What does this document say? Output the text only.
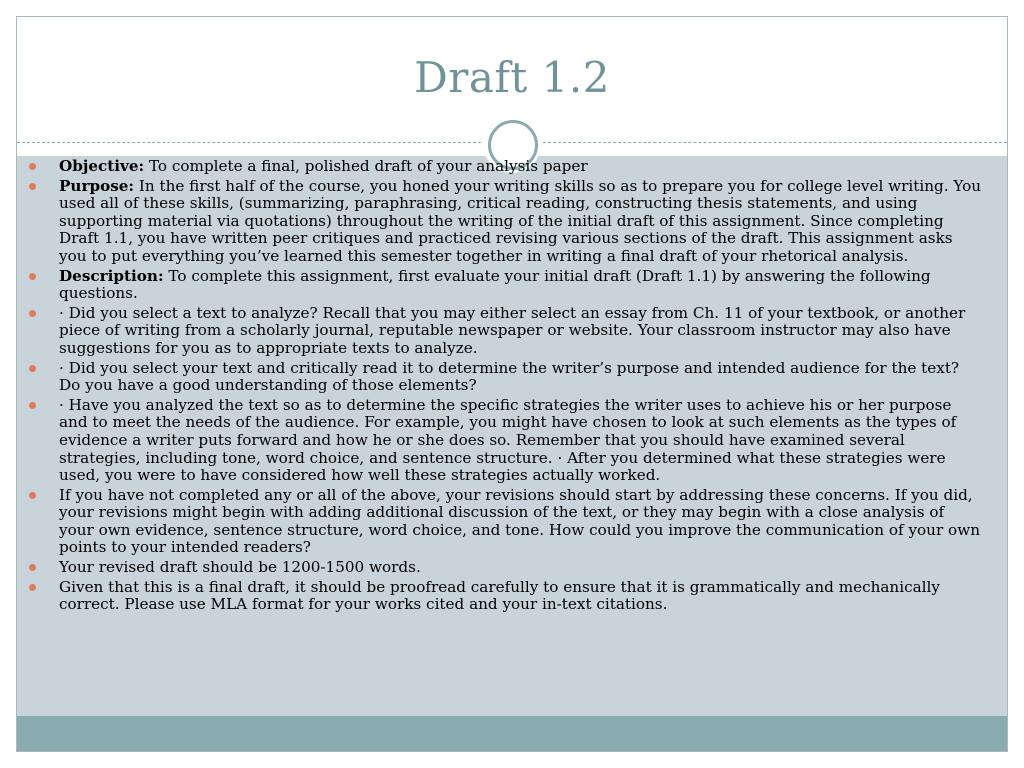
Draft 1.2
Objective: To complete a final, polished draft of your analysis paper
Purpose: In the first half of the course, you honed your writing skills so as to prepare you for college level writing. You used all of these skills, (summarizing, paraphrasing, critical reading, constructing thesis statements, and using supporting material via quotations) throughout the writing of the initial draft of this assignment. Since completing Draft 1.1, you have written peer critiques and practiced revising various sections of the draft. This assignment asks you to put everything you’ve learned this semester together in writing a final draft of your rhetorical analysis.
Description: To complete this assignment, first evaluate your initial draft (Draft 1.1) by answering the following questions.
· Did you select a text to analyze? Recall that you may either select an essay from Ch. 11 of your textbook, or another piece of writing from a scholarly journal, reputable newspaper or website. Your classroom instructor may also have suggestions for you as to appropriate texts to analyze.
· Did you select your text and critically read it to determine the writer’s purpose and intended audience for the text? Do you have a good understanding of those elements?
· Have you analyzed the text so as to determine the specific strategies the writer uses to achieve his or her purpose and to meet the needs of the audience. For example, you might have chosen to look at such elements as the types of evidence a writer puts forward and how he or she does so. Remember that you should have examined several strategies, including tone, word choice, and sentence structure. · After you determined what these strategies were used, you were to have considered how well these strategies actually worked.
If you have not completed any or all of the above, your revisions should start by addressing these concerns. If you did, your revisions might begin with adding additional discussion of the text, or they may begin with a close analysis of your own evidence, sentence structure, word choice, and tone. How could you improve the communication of your own points to your intended readers?
Your revised draft should be 1200-1500 words.
Given that this is a final draft, it should be proofread carefully to ensure that it is grammatically and mechanically correct. Please use MLA format for your works cited and your in-text citations.
